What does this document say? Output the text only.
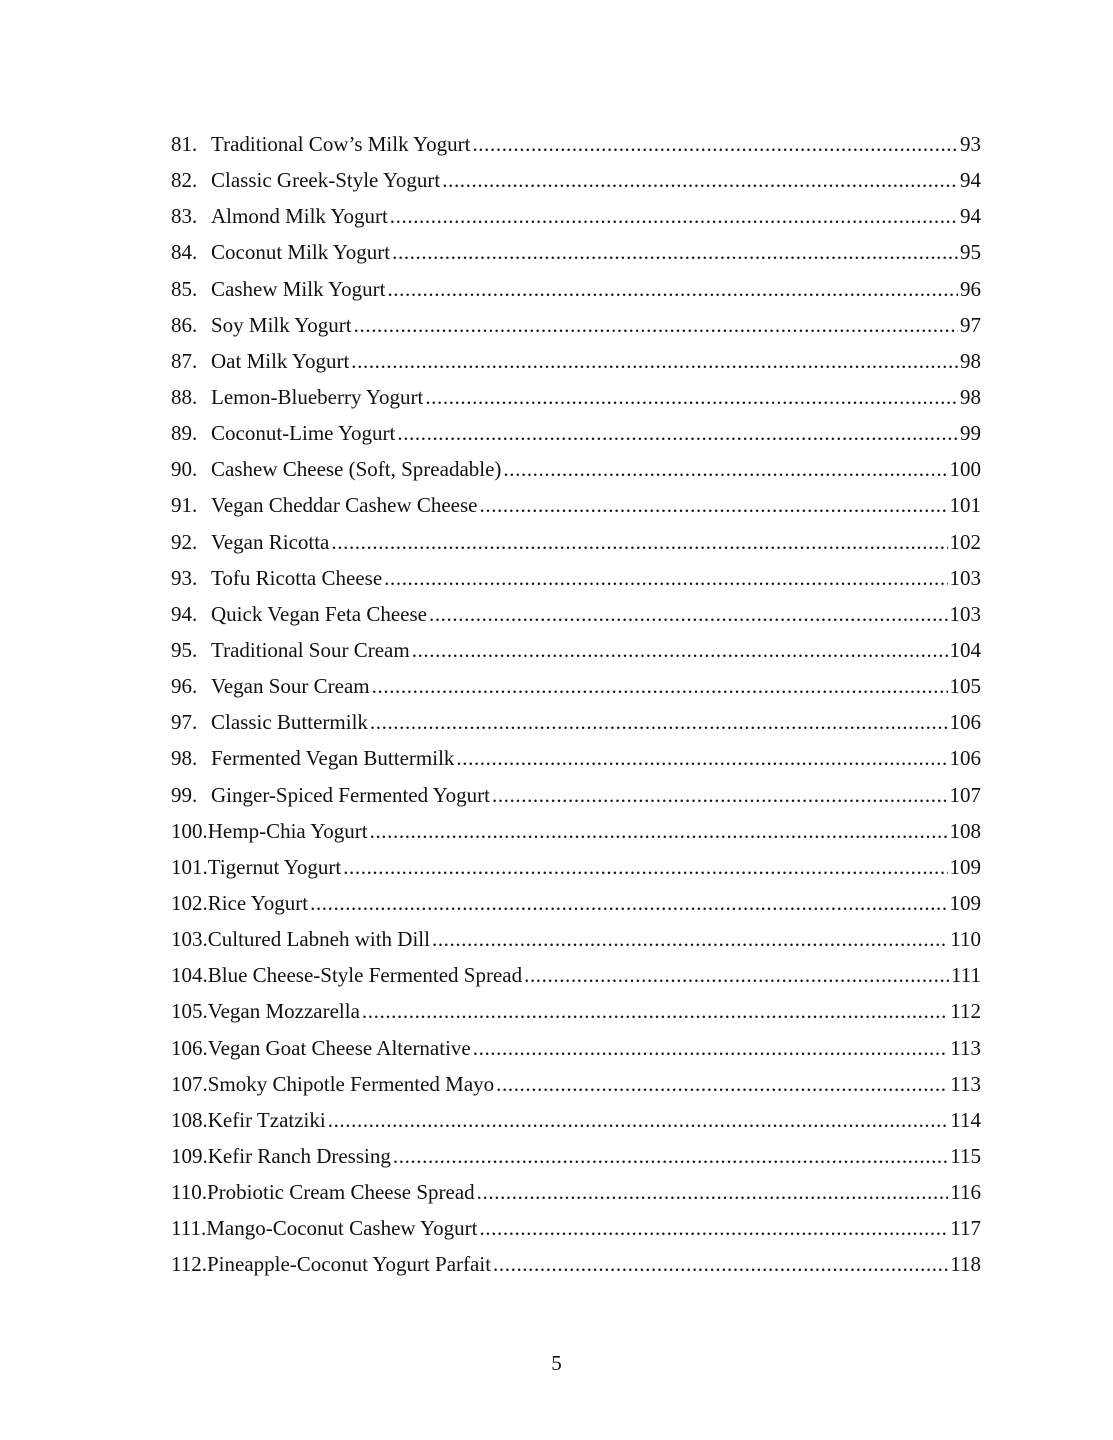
81. Traditional Cow’s Milk Yogurt .....	93
82. Classic Greek-Style Yogurt .....	94
83. Almond Milk Yogurt .....	94
84. Coconut Milk Yogurt .....	95
85. Cashew Milk Yogurt .....	96
86. Soy Milk Yogurt .....	97
87. Oat Milk Yogurt .....	98
88. Lemon-Blueberry Yogurt .....	98
89. Coconut-Lime Yogurt .....	99
90. Cashew Cheese (Soft, Spreadable) .....	100
91. Vegan Cheddar Cashew Cheese .....	101
92. Vegan Ricotta .....	102
93. Tofu Ricotta Cheese .....	103
94. Quick Vegan Feta Cheese .....	103
95. Traditional Sour Cream .....	104
96. Vegan Sour Cream .....	105
97. Classic Buttermilk .....	106
98. Fermented Vegan Buttermilk .....	106
99. Ginger-Spiced Fermented Yogurt .....	107
100. Hemp-Chia Yogurt .....	108
101. Tigernut Yogurt .....	109
102. Rice Yogurt .....	109
103. Cultured Labneh with Dill .....	110
104. Blue Cheese-Style Fermented Spread .....	111
105. Vegan Mozzarella .....	112
106. Vegan Goat Cheese Alternative .....	113
107. Smoky Chipotle Fermented Mayo .....	113
108. Kefir Tzatziki .....	114
109. Kefir Ranch Dressing .....	115
110. Probiotic Cream Cheese Spread .....	116
111. Mango-Coconut Cashew Yogurt .....	117
112. Pineapple-Coconut Yogurt Parfait .....	118
5
